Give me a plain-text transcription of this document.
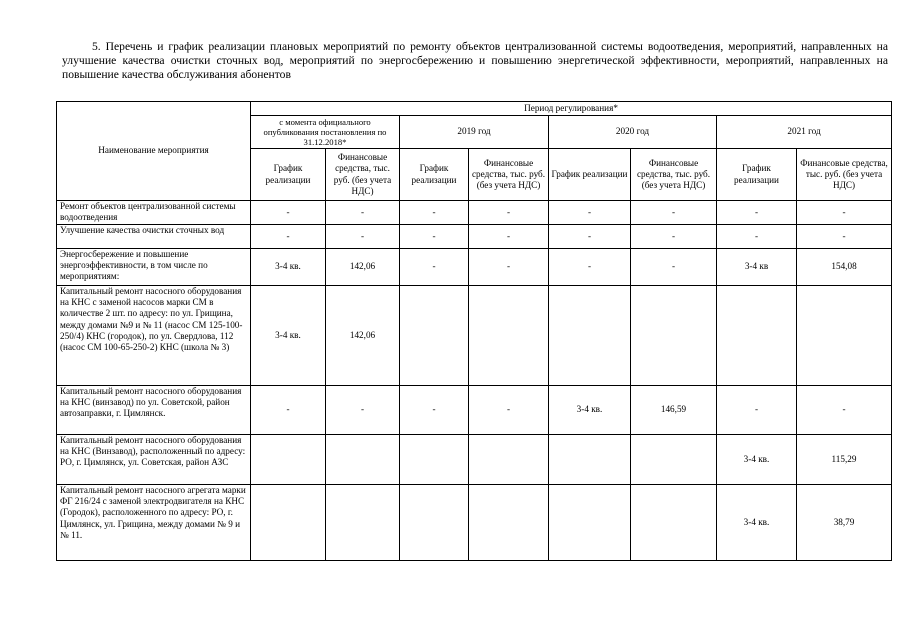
5. Перечень и график реализации плановых мероприятий по ремонту объектов централизованной системы водоотведения, мероприятий, направленных на улучшение качества очистки сточных вод, мероприятий по энергосбережению и повышению энергетической эффективности, мероприятий, направленных на повышение качества обслуживания абонентов

Наименование мероприятия	Период регулирования*							
	с момента официального опубликования постановления по 31.12.2018*		2019 год		2020 год		2021 год	
	График реализации	Финансовые средства, тыс. руб. (без учета НДС)	График реализации	Финансовые средства, тыс. руб. (без учета НДС)	График реализации	Финансовые средства, тыс. руб. (без учета НДС)	График реализации	Финансовые средства, тыс. руб. (без учета НДС)
Ремонт объектов централизованной системы водоотведения	-	-	-	-	-	-	-	-
Улучшение качества очистки сточных вод	-	-	-	-	-	-	-	-
Энергосбережение и повышение энергоэффективности, в том числе по мероприятиям:	3-4 кв.	142,06	-	-	-	-	3-4 кв	154,08
Капитальный ремонт насосного оборудования на КНС с заменой насосов марки СМ в количестве 2 шт. по адресу: по ул. Грищина, между домами №9 и № 11 (насос СМ 125-100-250/4) КНС (городок), по ул. Свердлова, 112 (насос СМ 100-65-250-2) КНС (школа № 3)	3-4 кв.	142,06						
Капитальный ремонт насосного оборудования на КНС (винзавод) по ул. Советской, район автозаправки, г. Цимлянск.	-	-	-	-	3-4 кв.	146,59	-	-
Капитальный ремонт насосного оборудования на КНС (Винзавод), расположенный по адресу: РО, г. Цимлянск, ул. Советская, район АЗС							3-4 кв.	115,29
Капитальный ремонт насосного агрегата марки ФГ 216/24 с заменой электродвигателя на КНС (Городок), расположенного по адресу: РО, г. Цимлянск, ул. Грищина, между домами № 9 и № 11.							3-4 кв.	38,79
